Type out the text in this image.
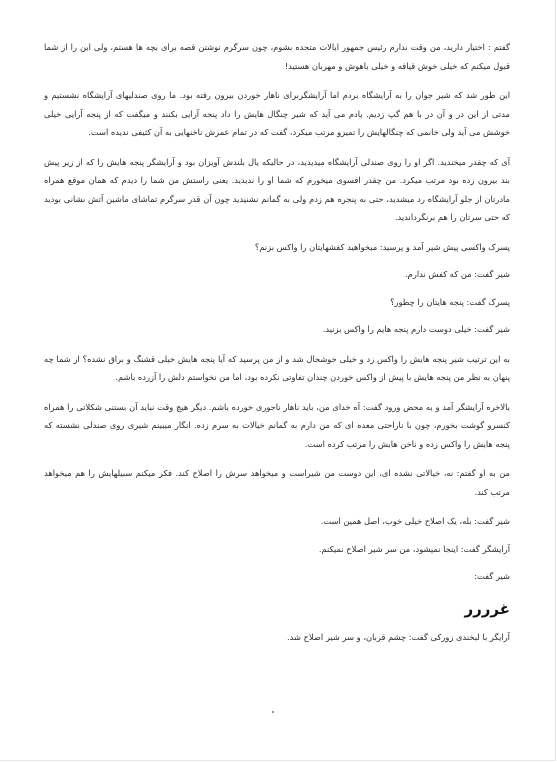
گفتم : اختیار دارید، من وقت ندارم رئیس جمهور ایالات متحده بشوم، چون سرگرم نوشتن قصه برای بچه ها هستم، ولی این را از شما قبول میکنم که خیلی خوش قیافه و خیلی باهوش و مهربان هستید!

این طور شد که شیر جوان را به آرایشگاه بردم اما آرایشگربرای ناهار خوردن بیرون رفته بود. ما روی صندلیهای آرایشگاه نشستیم و مدتی از این در و آن در با هم گپ زدیم. یادم می آید که شیر چنگال هایش را داد پنجه آرایی بکنند و میگفت که از پنجه آرایی خیلی خوشش می آید ولی خانمی که چنگالهایش را تمیزو مرتب میکرد، گفت که در تمام عمرش ناخنهایی به آن کثیفی ندیده است.

آی که چقدر میخندید. اگر او را روی صندلی آرایشگاه میدیدید، در حالیکه یال بلندش آویزان بود و آرایشگر پنجه هایش را که از زیر پیش بند بیرون زده بود مرتب میکرد. من چقدر افسوی میخورم که شما او را ندیدید. یعنی راستش من شما را دیدم که همان موقع همراه مادرتان از جلو آرایشگاه رد میشدید، حتی به پنجره هم زدم ولی به گمانم نشنیدید چون آن قدر سرگرم تماشای ماشین آتش نشانی بودید که حتی سرتان را هم برنگرداندید.

پسرک واکسی پیش شیر آمد و پرسید: میخواهید کفشهایتان را واکس بزنم؟

شیر گفت: من که کفش ندارم.

پسرک گفت: پنجه هایتان را چطور؟

شیر گفت: خیلی دوست دارم پنجه هایم را واکس بزنید.

به این ترتیب شیر پنجه هایش را واکس زد و خیلی خوشحال شد و از من پرسید که آیا پنجه هایش خیلی قشنگ و براق نشده؟ از شما چه پنهان به نظر من پنجه هایش با پیش از واکس خوردن چندان تفاوتی نکرده بود، اما من نخواستم دلش را آزرده باشم.

بالاخره آرایشگر آمد و به محض ورود گفت: آه خدای من، باید ناهار ناجوری خورده باشم. دیگر هیچ وقت نباید آن بستنی شکلاتی را همراه کنسرو گوشت بخورم، چون با ناراحتی معده ای که من دارم به گمانم خیالات به سرم زده. انگار میبینم شیری روی صندلی نشسته که پنجه هایش را واکس زده و ناخن هایش را مرتب کرده است.

من به او گفتم: نه، خیالاتی نشده ای، این دوست من شیراست و میخواهد سرش را اصلاح کند. فکر میکنم سبیلهایش را هم میخواهد مرتب کند.

شیر گفت: بله، یک اصلاح خیلی خوب، اصل همین است.

آرایشگر گفت: اینجا نمیشود، من سر شیر اصلاح نمیکنم.

شیر گفت:

غرررر

آرایگر با لبخندی زورکی گفت: چشم قربان، و سر شیر اصلاح شد.
